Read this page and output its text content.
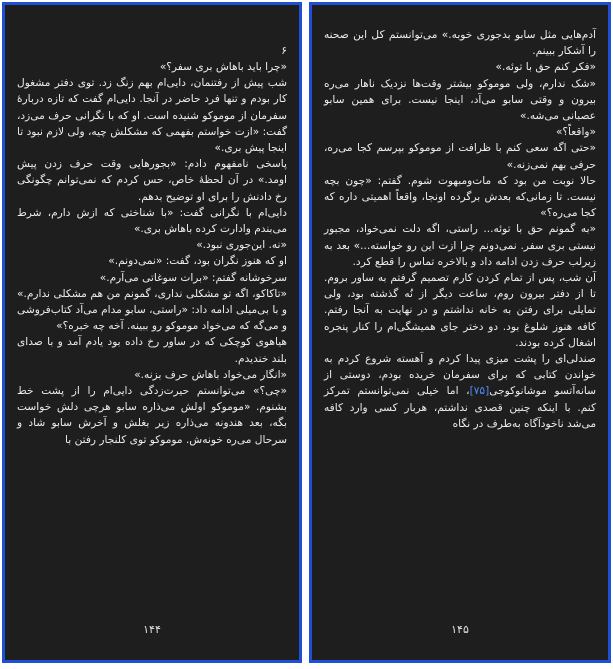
۶

«چرا باید باهاش بری سفر؟»

شب پیش از رفتنمان، دایی‌ام بهم زنگ زد. توی دفتر مشغول کار بودم و تنها فرد حاضر در آنجا. دایی‌ام گفت که تازه دربارهٔ سفرمان از موموکو شنیده است. او که با نگرانی حرف می‌زد، گفت: «ازت خواستم بفهمی که مشکلش چیه، ولی لازم نبود تا اینجا پیش بری.»

پاسخی نامفهوم دادم: «بجورهایی وقت حرف زدن پیش اومد.» در آن لحظهٔ خاص، حس کردم که نمی‌توانم چگونگی رخ دادنش را برای او توضیح بدهم.

دایی‌ام با نگرانی گفت: «با شناختی که ازش دارم، شرط می‌بندم وادارت کرده باهاش بری.»

«نه. این‌جوری نبود.»

او که هنوز نگران بود، گفت: «نمی‌دونم.»

سرخوشانه گفتم: «برات سوغاتی می‌آرم.»

«تاکاکو، اگه تو مشکلی نداری، گمونم من هم مشکلی ندارم.» و با بی‌میلی ادامه داد: «راستی، سابو مدام می‌آد کتاب‌فروشی و می‌گه که می‌خواد موموکو رو ببینه. آخه چه خبره؟»

هیاهوی کوچکی که در ساور رخ داده بود یادم آمد و با صدای بلند خندیدم.

«انگار می‌خواد باهاش حرف بزنه.»

«چی؟» می‌توانستم حیرت‌زدگی دایی‌ام را از پشت خط بشنوم. «موموکو اولش می‌ذاره سابو هرچی دلش خواست بگه، بعد هندونه می‌ذاره زیر بغلش و آخرش سابو شاد و سرحال می‌ره خونه‌ش. موموکو توی کلنجار رفتن با

۱۴۴

آدم‌هایی مثل سابو بدجوری خوبه.» می‌توانستم کل این صحنه را آشکار ببینم.

«فکر کنم حق با توئه.»

«شک ندارم، ولی موموکو بیشتر وقت‌ها نزدیک ناهار می‌ره بیرون و وقتی سابو می‌آد، اینجا نیست. برای همین سابو عصبانی می‌شه.»

«واقعاً؟»

«حتی اگه سعی کنم با ظرافت از موموکو بپرسم کجا می‌ره، حرفی بهم نمی‌زنه.»

حالا نوبت من بود که مات‌ومبهوت شوم. گفتم: «چون بچه نیست. تا زمانی‌که بعدش برگرده اونجا، واقعاً اهمیتی داره که کجا می‌ره؟»

«به گمونم حق با توئه... راستی، اگه دلت نمی‌خواد، مجبور نیستی بری سفر. نمی‌دونم چرا ازت این رو خواسته...» بعد به زیرلب حرف زدن ادامه داد و بالاخره تماس را قطع کرد.

آن شب، پس از تمام کردن کارم تصمیم گرفتم به ساور بروم. تا از دفتر بیرون روم، ساعت دیگر از نُه گذشته بود، ولی تمایلی برای رفتن به خانه نداشتم و در نهایت به آنجا رفتم. کافه هنوز شلوغ بود. دو دختر جای همیشگی‌ام را کنار پنجره اشغال کرده بودند.

صندلی‌ای را پشت میزی پیدا کردم و آهسته شروع کردم به خواندن کتابی که برای سفرمان خریده بودم، دوستی از سانه‌آتسو موشانوکوجی[۷۵]، اما خیلی نمی‌توانستم تمرکز کنم. با اینکه چنین قصدی نداشتم، هربار کسی وارد کافه می‌شد ناخودآگاه به‌طرف در نگاه

۱۴۵
